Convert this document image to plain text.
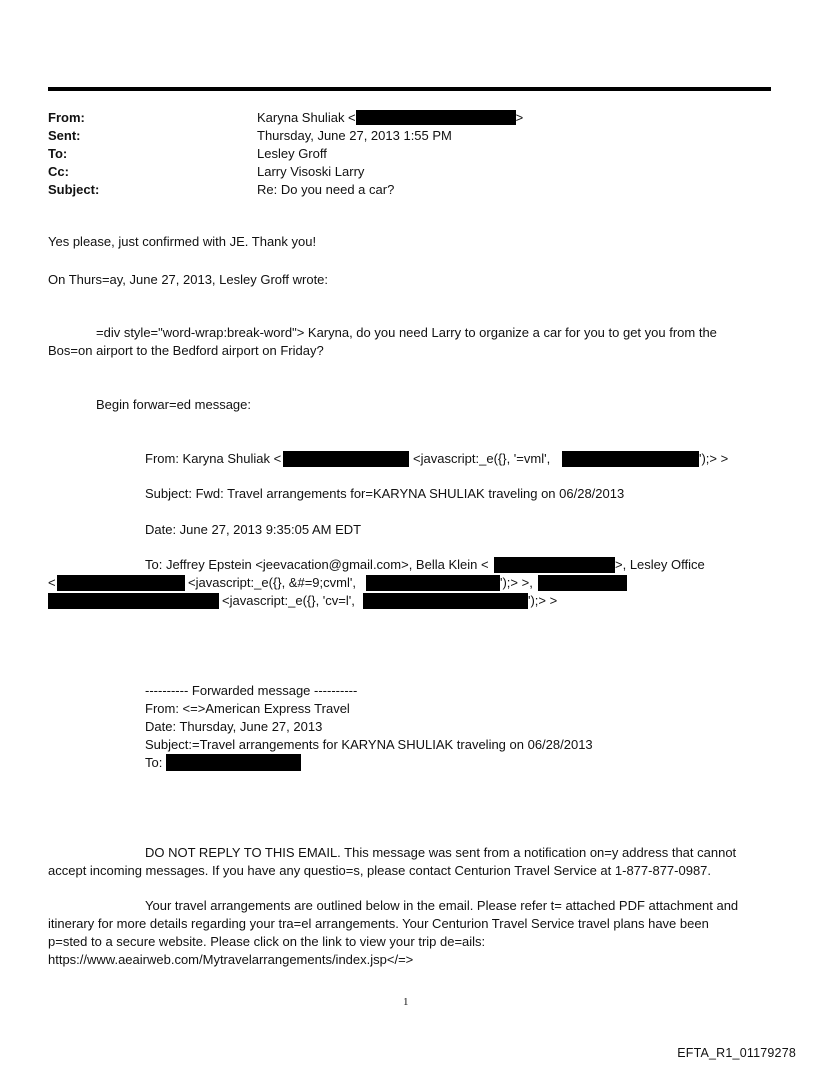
From:	Karyna Shuliak <	>
Sent:	Thursday, June 27, 2013 1:55 PM
To:	Lesley Groff
Cc:	Larry Visoski Larry
Subject:	Re: Do you need a car?
Yes please, just confirmed with JE. Thank you!
On Thurs=ay, June 27, 2013, Lesley Groff wrote:
=div style="word-wrap:break-word"> Karyna, do you need Larry to organize a car for you to get you from the
Bos=on airport to the Bedford airport on Friday?
Begin forwar=ed message:
From: Karyna Shuliak <	<javascript:_e({}, '=vml',	');> >
Subject: Fwd: Travel arrangements for=KARYNA SHULIAK traveling on 06/28/2013
Date: June 27, 2013 9:35:05 AM EDT
To: Jeffrey Epstein <jeevacation@gmail.com>, Bella Klein <	>, Lesley Office
<	<javascript:_e({}, &#=9;cvml',	');> >,
<javascript:_e({}, 'cv=l',	');> >
---------- Forwarded message ----------
From: <=>American Express Travel
Date: Thursday, June 27, 2013
Subject:=Travel arrangements for KARYNA SHULIAK traveling on 06/28/2013
To:
DO NOT REPLY TO THIS EMAIL. This message was sent from a notification on=y address that cannot
accept incoming messages. If you have any questio=s, please contact Centurion Travel Service at 1-877-877-0987.
Your travel arrangements are outlined below in the email. Please refer t= attached PDF attachment and
itinerary for more details regarding your tra=el arrangements. Your Centurion Travel Service travel plans have been
p=sted to a secure website. Please click on the link to view your trip de=ails:
https://www.aeairweb.com/Mytravelarrangements/index.jsp</=>
1
EFTA_R1_01179278
